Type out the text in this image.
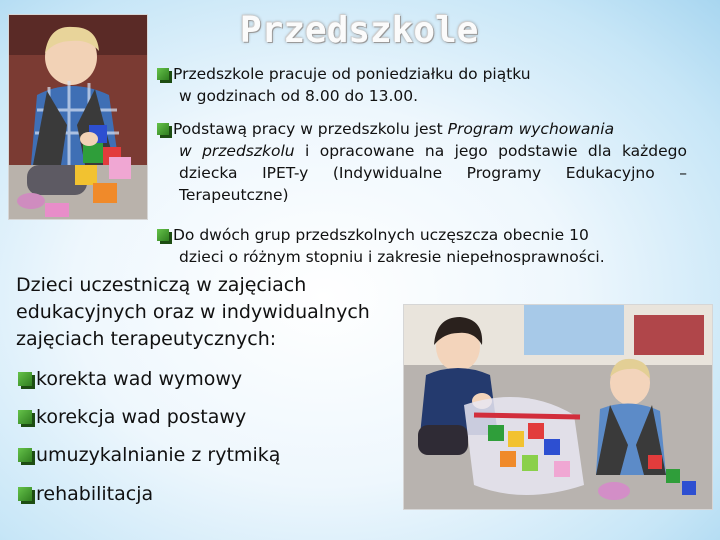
Przedszkole
Przedszkole pracuje od poniedziałku do piątku
w godzinach od 8.00 do 13.00.
Podstawą pracy w przedszkolu jest Program wychowania
w przedszkolu i opracowane na jego podstawie dla każdego dziecka IPET-y (Indywidualne Programy Edukacyjno – Terapeutczne)
Do dwóch grup przedszkolnych uczęszcza obecnie 10
dzieci o różnym stopniu i zakresie niepełnosprawności.
Dzieci uczestniczą w zajęciach edukacyjnych oraz w indywidualnych zajęciach terapeutycznych:
korekta wad wymowy
korekcja wad postawy
umuzykalnianie z rytmiką
rehabilitacja
